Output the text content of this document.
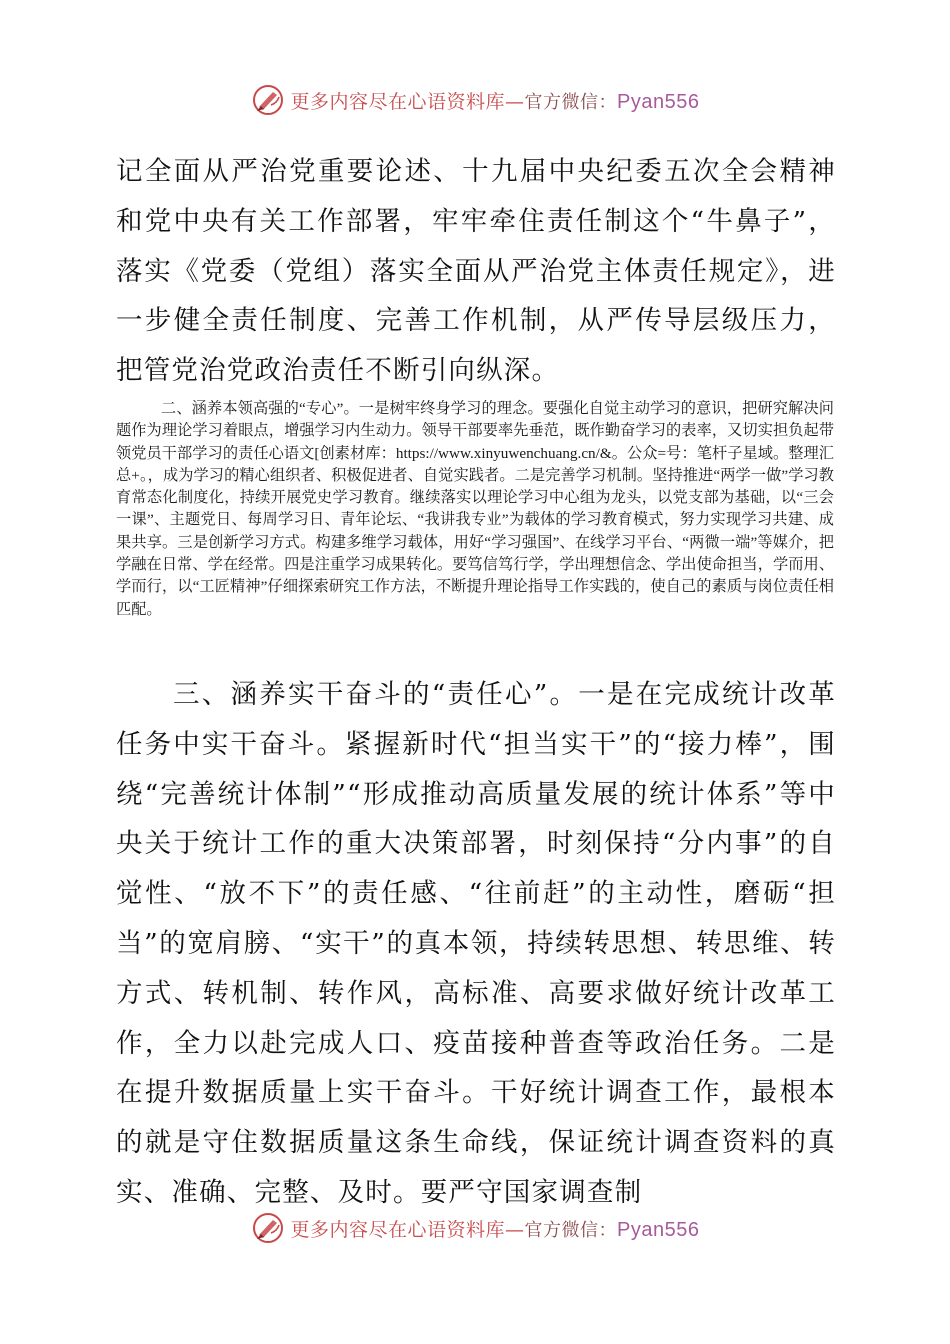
更多内容尽在心语资料库—官方微信：Pyan556

记全面从严治党重要论述、十九届中央纪委五次全会精神和党中央有关工作部署，牢牢牵住责任制这个“牛鼻子”，落实《党委（党组）落实全面从严治党主体责任规定》，进一步健全责任制度、完善工作机制，从严传导层级压力，把管党治党政治责任不断引向纵深。

二、涵养本领高强的“专心”。一是树牢终身学习的理念。要强化自觉主动学习的意识，把研究解决问题作为理论学习着眼点，增强学习内生动力。领导干部要率先垂范，既作勤奋学习的表率，又切实担负起带领党员干部学习的责任心语文[创素材库：https://www.xinyuwenchuang.cn/&。公众=号：笔杆子星域。整理汇总+。，成为学习的精心组织者、积极促进者、自觉实践者。二是完善学习机制。坚持推进“两学一做”学习教育常态化制度化，持续开展党史学习教育。继续落实以理论学习中心组为龙头，以党支部为基础，以“三会一课”、主题党日、每周学习日、青年论坛、“我讲我专业”为载体的学习教育模式，努力实现学习共建、成果共享。三是创新学习方式。构建多维学习载体，用好“学习强国”、在线学习平台、“两微一端”等媒介，把学融在日常、学在经常。四是注重学习成果转化。要笃信笃行学，学出理想信念、学出使命担当，学而用、学而行，以“工匠精神”仔细探索研究工作方法，不断提升理论指导工作实践的，使自己的素质与岗位责任相匹配。

三、涵养实干奋斗的“责任心”。一是在完成统计改革任务中实干奋斗。紧握新时代“担当实干”的“接力棒”，围绕“完善统计体制”“形成推动高质量发展的统计体系”等中央关于统计工作的重大决策部署，时刻保持“分内事”的自觉性、“放不下”的责任感、“往前赶”的主动性，磨砺“担当”的宽肩膀、“实干”的真本领，持续转思想、转思维、转方式、转机制、转作风，高标准、高要求做好统计改革工作，全力以赴完成人口、疫苗接种普查等政治任务。二是在提升数据质量上实干奋斗。干好统计调查工作，最根本的就是守住数据质量这条生命线，保证统计调查资料的真实、准确、完整、及时。要严守国家调查制

更多内容尽在心语资料库—官方微信：Pyan556
